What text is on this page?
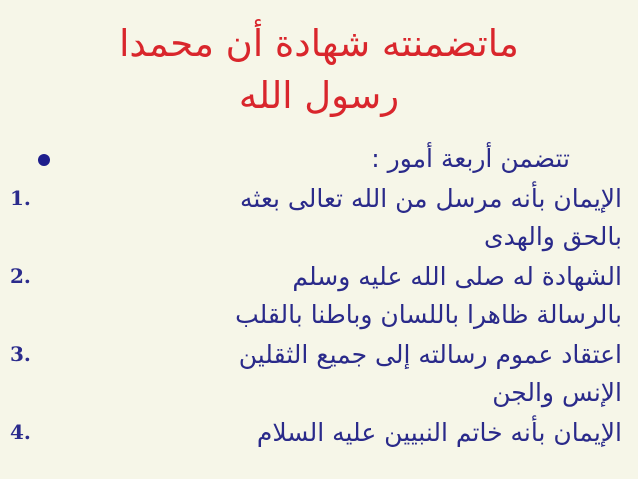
ماتضمنته شهادة أن محمدا
رسول الله
تتضمن أربعة أمور :
الإيمان بأنه مرسل من الله تعالى بعثه
بالحق والهدى
1.
الشهادة له صلى الله عليه وسلم
بالرسالة ظاهرا باللسان وباطنا بالقلب
2.
اعتقاد عموم رسالته إلى جميع الثقلين
الإنس والجن
3.
الإيمان بأنه خاتم النبيين عليه السلام
4.
